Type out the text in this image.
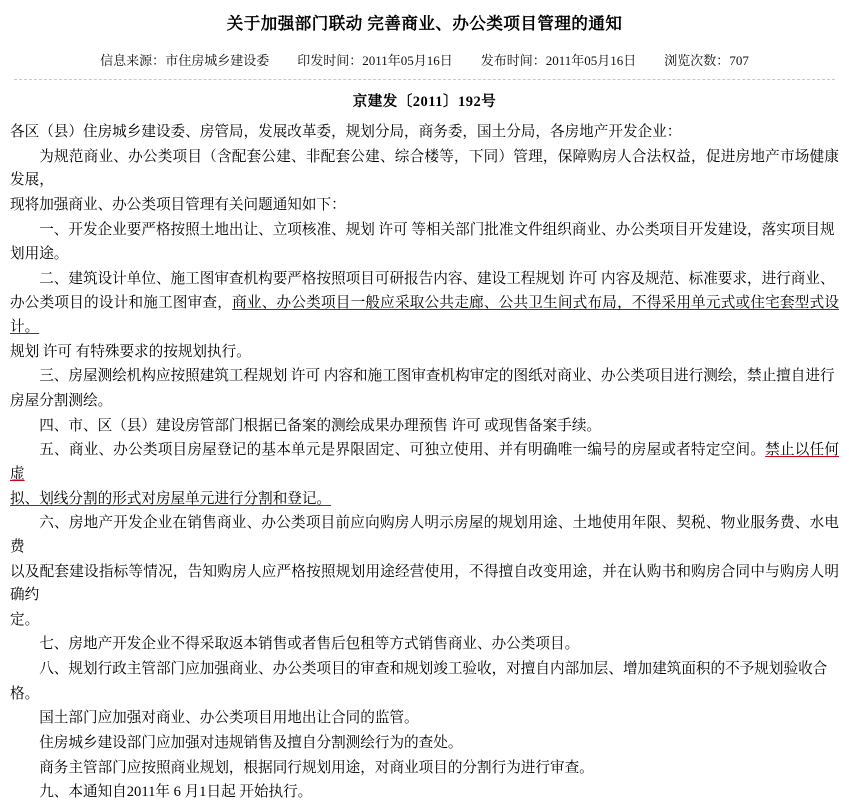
关于加强部门联动 完善商业、办公类项目管理的通知
信息来源：市住房城乡建设委	印发时间：2011年05月16日	发布时间：2011年05月16日	浏览次数：707
京建发〔2011〕192号

各区（县）住房城乡建设委、房管局，发展改革委，规划分局，商务委，国土分局，各房地产开发企业：

为规范商业、办公类项目（含配套公建、非配套公建、综合楼等，下同）管理，保障购房人合法权益，促进房地产市场健康发展，

现将加强商业、办公类项目管理有关问题通知如下：

一、开发企业要严格按照土地出让、立项核准、规划 许可 等相关部门批准文件组织商业、办公类项目开发建设，落实项目规

划用途。

二、建筑设计单位、施工图审查机构要严格按照项目可研报告内容、建设工程规划 许可 内容及规范、标准要求，进行商业、

办公类项目的设计和施工图审查，商业、办公类项目一般应采取公共走廊、公共卫生间式布局，不得采用单元式或住宅套型式设计。

规划 许可 有特殊要求的按规划执行。

三、房屋测绘机构应按照建筑工程规划 许可 内容和施工图审查机构审定的图纸对商业、办公类项目进行测绘，禁止擅自进行

房屋分割测绘。

四、市、区（县）建设房管部门根据已备案的测绘成果办理预售 许可 或现售备案手续。

五、商业、办公类项目房屋登记的基本单元是界限固定、可独立使用、并有明确唯一编号的房屋或者特定空间。禁止以任何虚

拟、划线分割的形式对房屋单元进行分割和登记。

六、房地产开发企业在销售商业、办公类项目前应向购房人明示房屋的规划用途、土地使用年限、契税、物业服务费、水电费

以及配套建设指标等情况，告知购房人应严格按照规划用途经营使用，不得擅自改变用途，并在认购书和购房合同中与购房人明确约

定。

七、房地产开发企业不得采取返本销售或者售后包租等方式销售商业、办公类项目。

八、规划行政主管部门应加强商业、办公类项目的审查和规划竣工验收，对擅自内部加层、增加建筑面积的不予规划验收合

格。

国土部门应加强对商业、办公类项目用地出让合同的监管。

住房城乡建设部门应加强对违规销售及擅自分割测绘行为的查处。

商务主管部门应按照商业规划，根据同行规划用途，对商业项目的分割行为进行审查。

九、本通知自2011年 6 月1日起 开始执行。
